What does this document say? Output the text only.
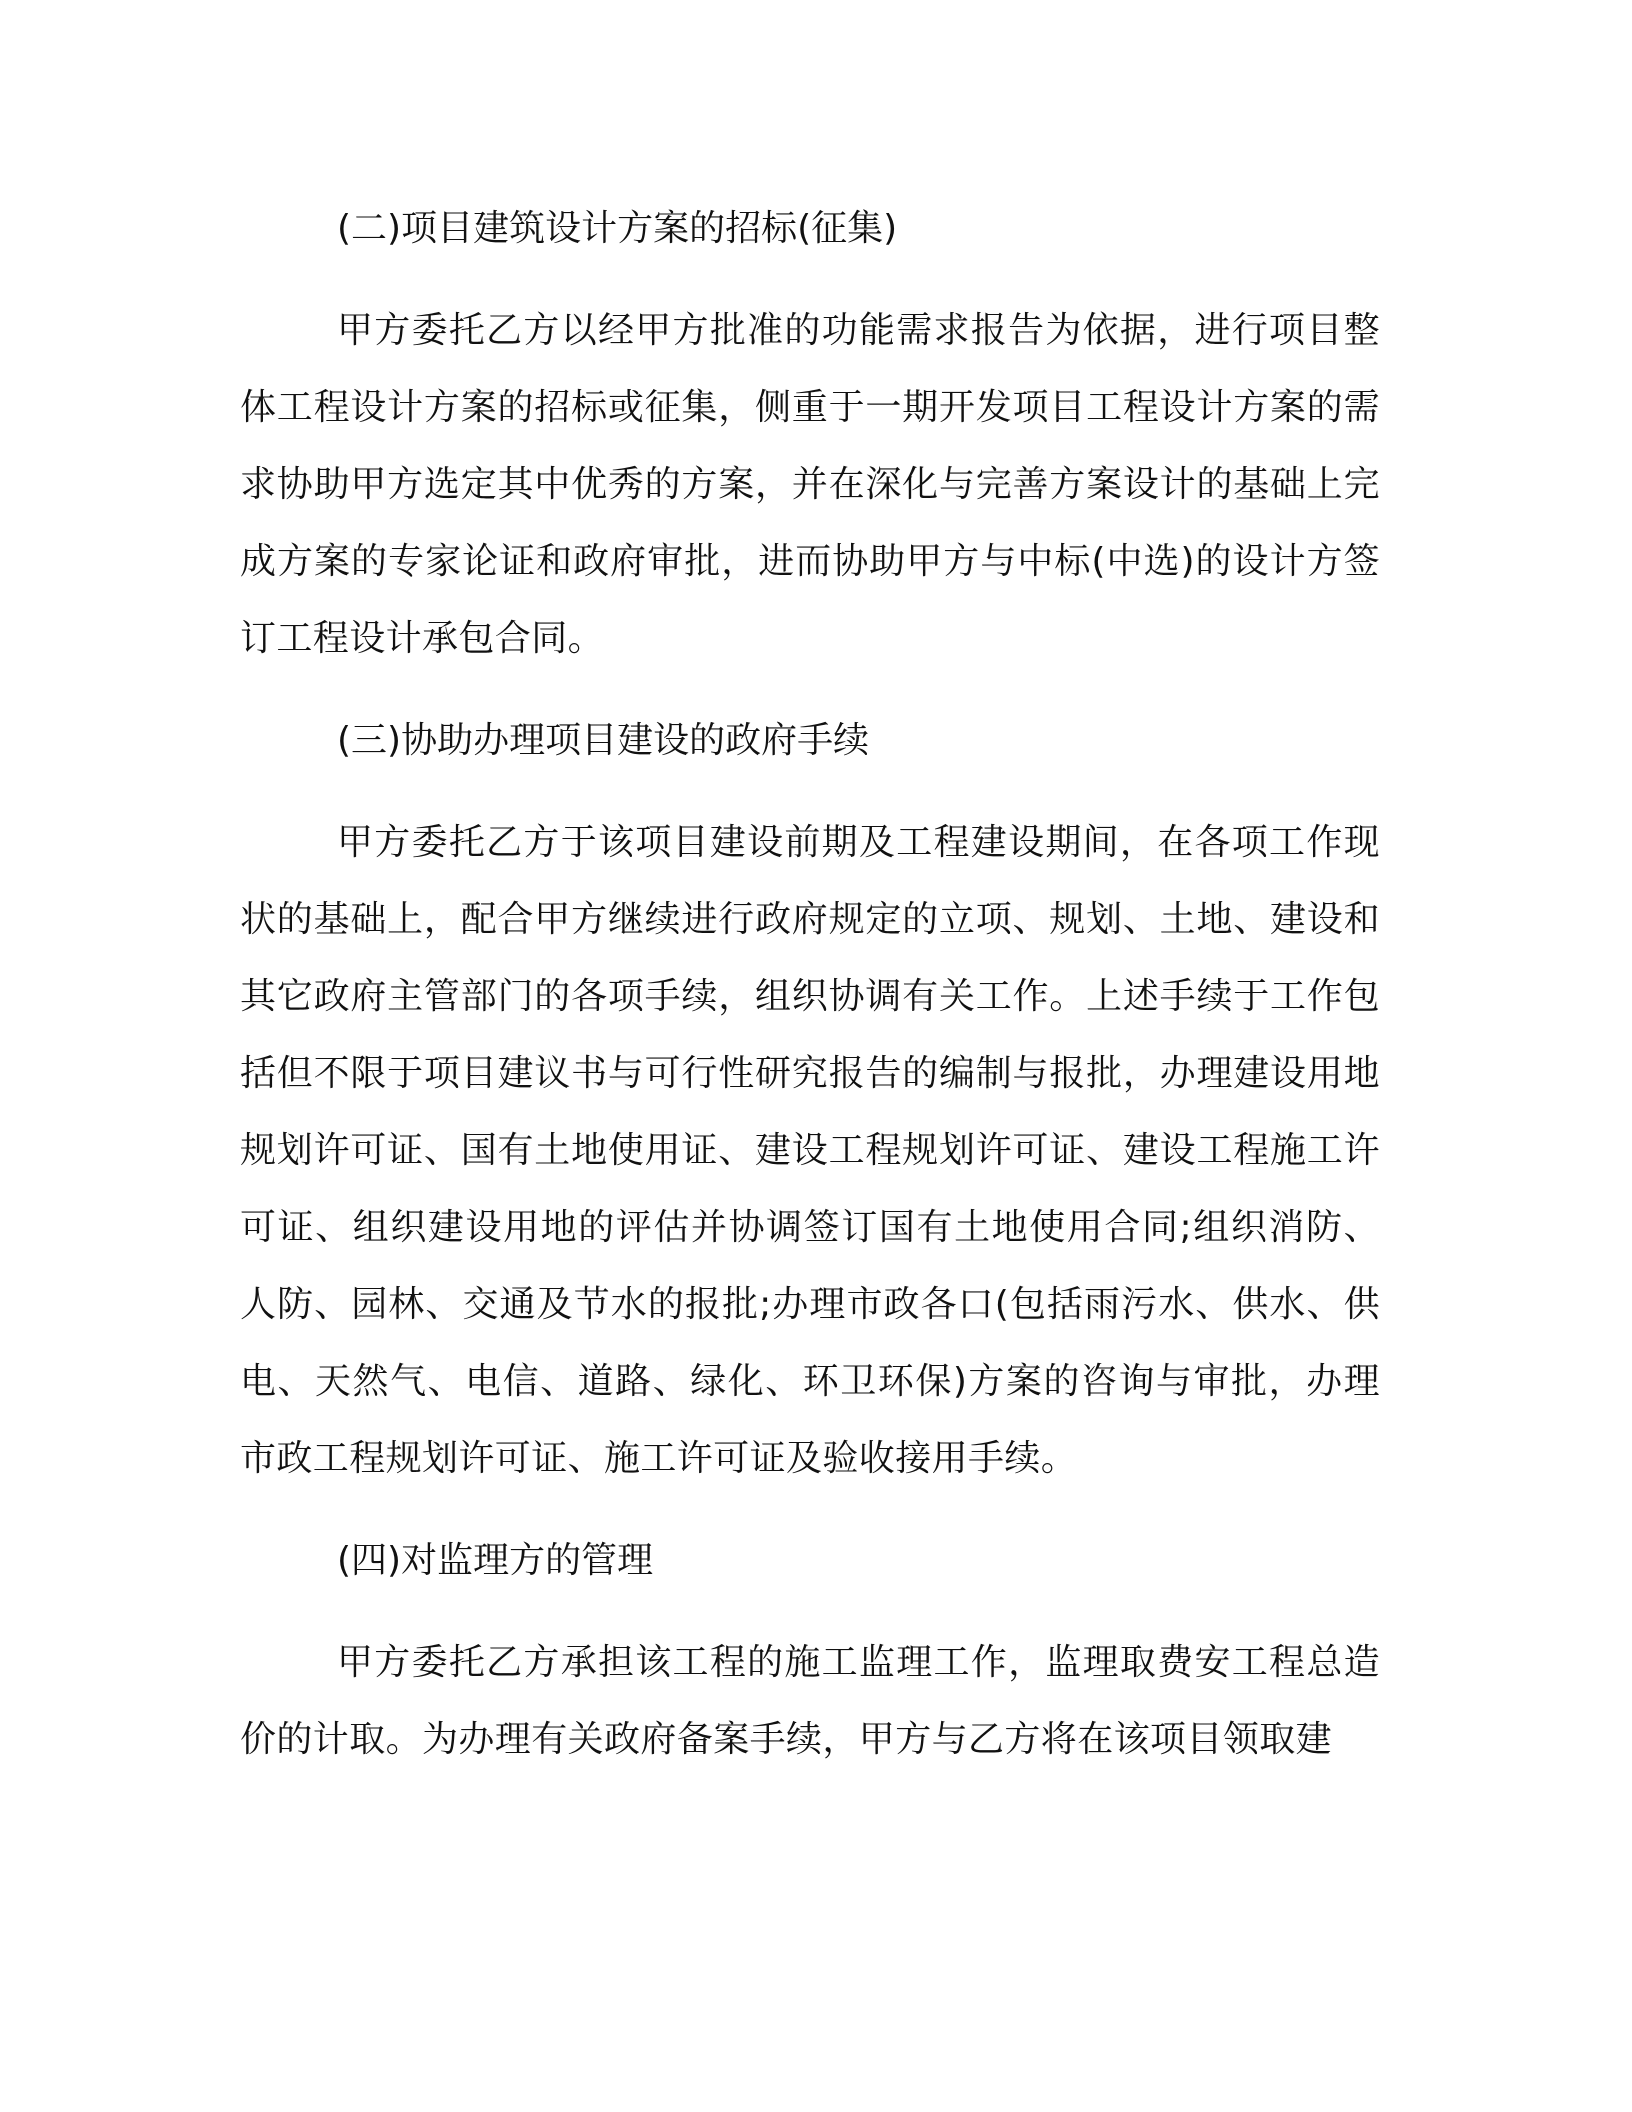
(二)项目建筑设计方案的招标(征集)

甲方委托乙方以经甲方批准的功能需求报告为依据，进行项目整体工程设计方案的招标或征集，侧重于一期开发项目工程设计方案的需求协助甲方选定其中优秀的方案，并在深化与完善方案设计的基础上完成方案的专家论证和政府审批，进而协助甲方与中标(中选)的设计方签订工程设计承包合同。

(三)协助办理项目建设的政府手续

甲方委托乙方于该项目建设前期及工程建设期间，在各项工作现状的基础上，配合甲方继续进行政府规定的立项、规划、土地、建设和其它政府主管部门的各项手续，组织协调有关工作。上述手续于工作包括但不限于项目建议书与可行性研究报告的编制与报批，办理建设用地规划许可证、国有土地使用证、建设工程规划许可证、建设工程施工许可证、组织建设用地的评估并协调签订国有土地使用合同;组织消防、人防、园林、交通及节水的报批;办理市政各口(包括雨污水、供水、供电、天然气、电信、道路、绿化、环卫环保)方案的咨询与审批，办理市政工程规划许可证、施工许可证及验收接用手续。

(四)对监理方的管理

甲方委托乙方承担该工程的施工监理工作，监理取费安工程总造价的计取。为办理有关政府备案手续，甲方与乙方将在该项目领取建
